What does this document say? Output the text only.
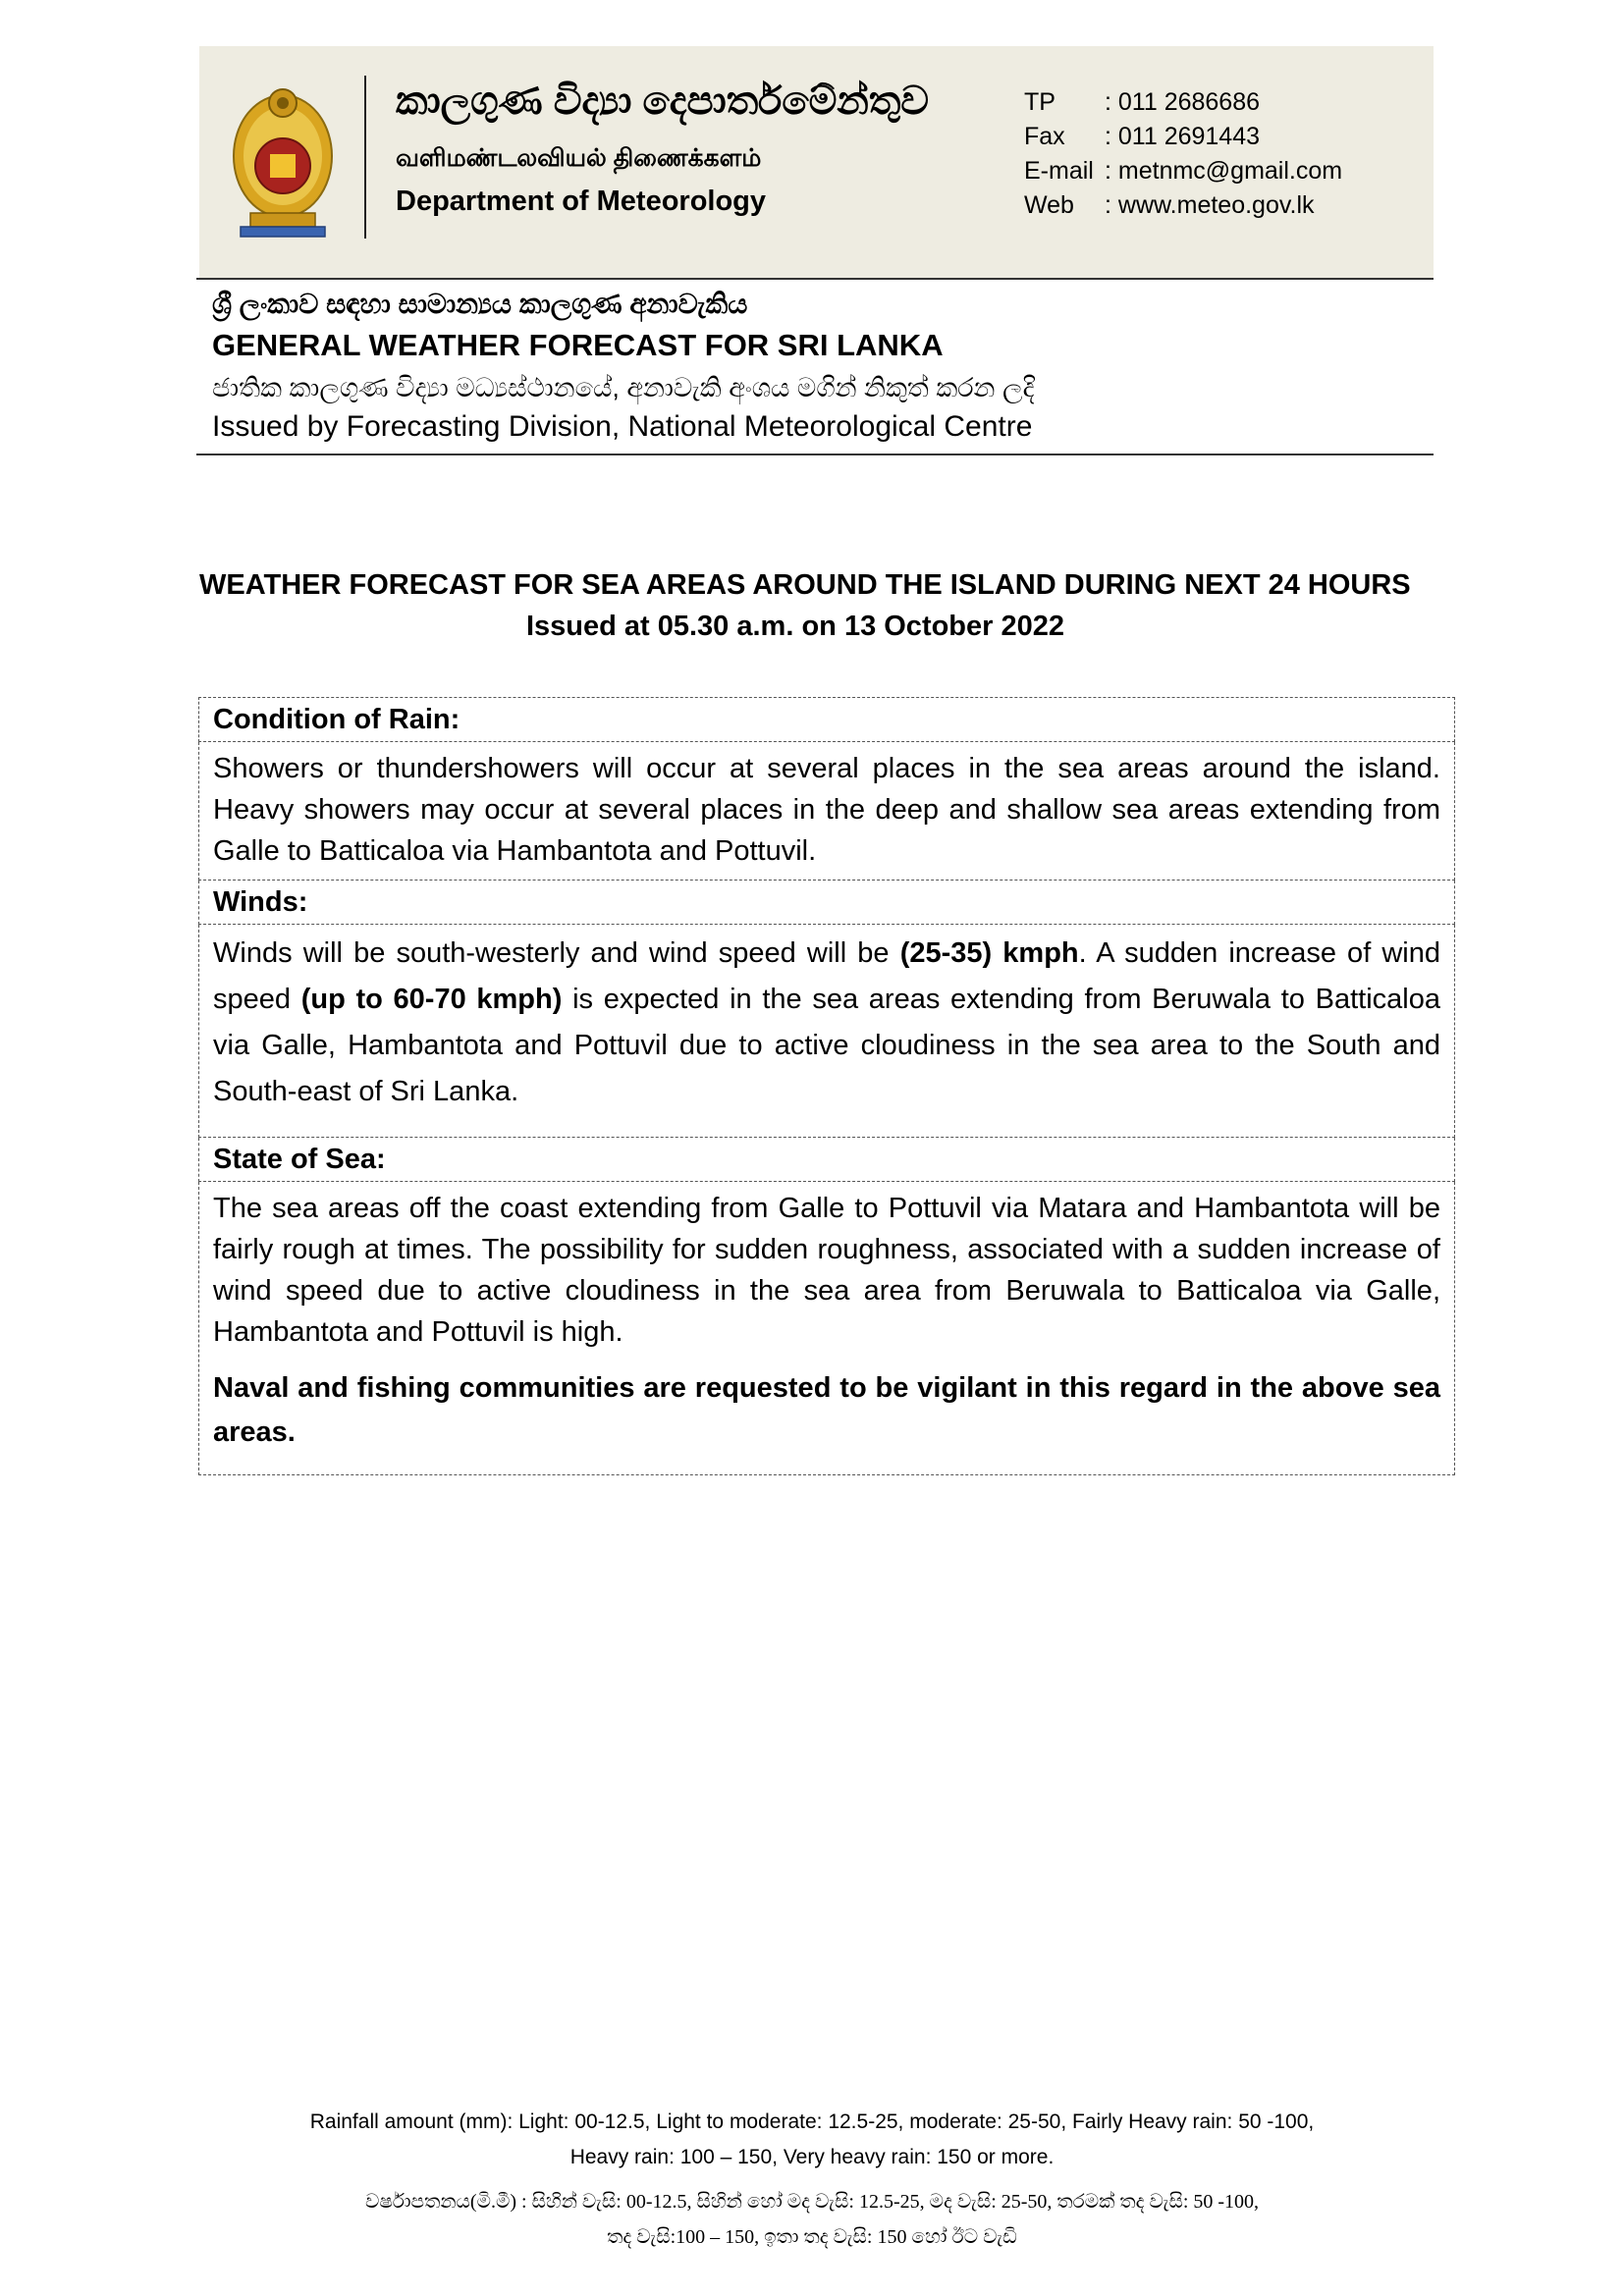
කාලගුණ විද්‍යා දෙපාර්තමේන්තුව
வளிமண்டலவியல் திணைக்களம்
Department of Meteorology
TP	: 011 2686686
Fax	: 011 2691443
E-mail : metnmc@gmail.com
Web	: www.meteo.gov.lk
ශ්‍රී ලංකාව සඳහා සාමාන්‍යය කාලගුණ අනාවැකිය
GENERAL WEATHER FORECAST FOR SRI LANKA
ජාතික කාලගුණ විද්‍යා මධ්‍යස්ථානයේ, අනාවැකි අංශය මගින් නිකුත් කරන ලදි
Issued by Forecasting Division, National Meteorological Centre
WEATHER FORECAST FOR SEA AREAS AROUND THE ISLAND DURING NEXT 24 HOURS
Issued at 05.30 a.m. on 13 October 2022
Condition of Rain:
Showers or thundershowers will occur at several places in the sea areas around the island. Heavy showers may occur at several places in the deep and shallow sea areas extending from Galle to Batticaloa via Hambantota and Pottuvil.
Winds:

Winds will be south-westerly and wind speed will be (25-35) kmph. A sudden increase of wind speed (up to 60-70 kmph) is expected in the sea areas extending from Beruwala to Batticaloa via Galle, Hambantota and Pottuvil due to active cloudiness in the sea area to the South and South-east of Sri Lanka.

State of Sea:

The sea areas off the coast extending from Galle to Pottuvil via Matara and Hambantota will be fairly rough at times. The possibility for sudden roughness, associated with a sudden increase of wind speed due to active cloudiness in the sea area from Beruwala to Batticaloa via Galle, Hambantota and Pottuvil is high.

Naval and fishing communities are requested to be vigilant in this regard in the above sea areas.

Rainfall amount (mm): Light: 00-12.5, Light to moderate: 12.5-25, moderate: 25-50, Fairly Heavy rain: 50 -100,
Heavy rain: 100 – 150, Very heavy rain: 150 or more.
වර්ෂාපතනය(මි.මී) : සිහින් වැසි: 00-12.5, සිහින් හෝ මද වැසි: 12.5-25, මද වැසි: 25-50, තරමක් තද වැසි: 50 -100,
තද වැසි:100 – 150, ඉතා තද වැසි: 150 හෝ ඊට වැඩි
